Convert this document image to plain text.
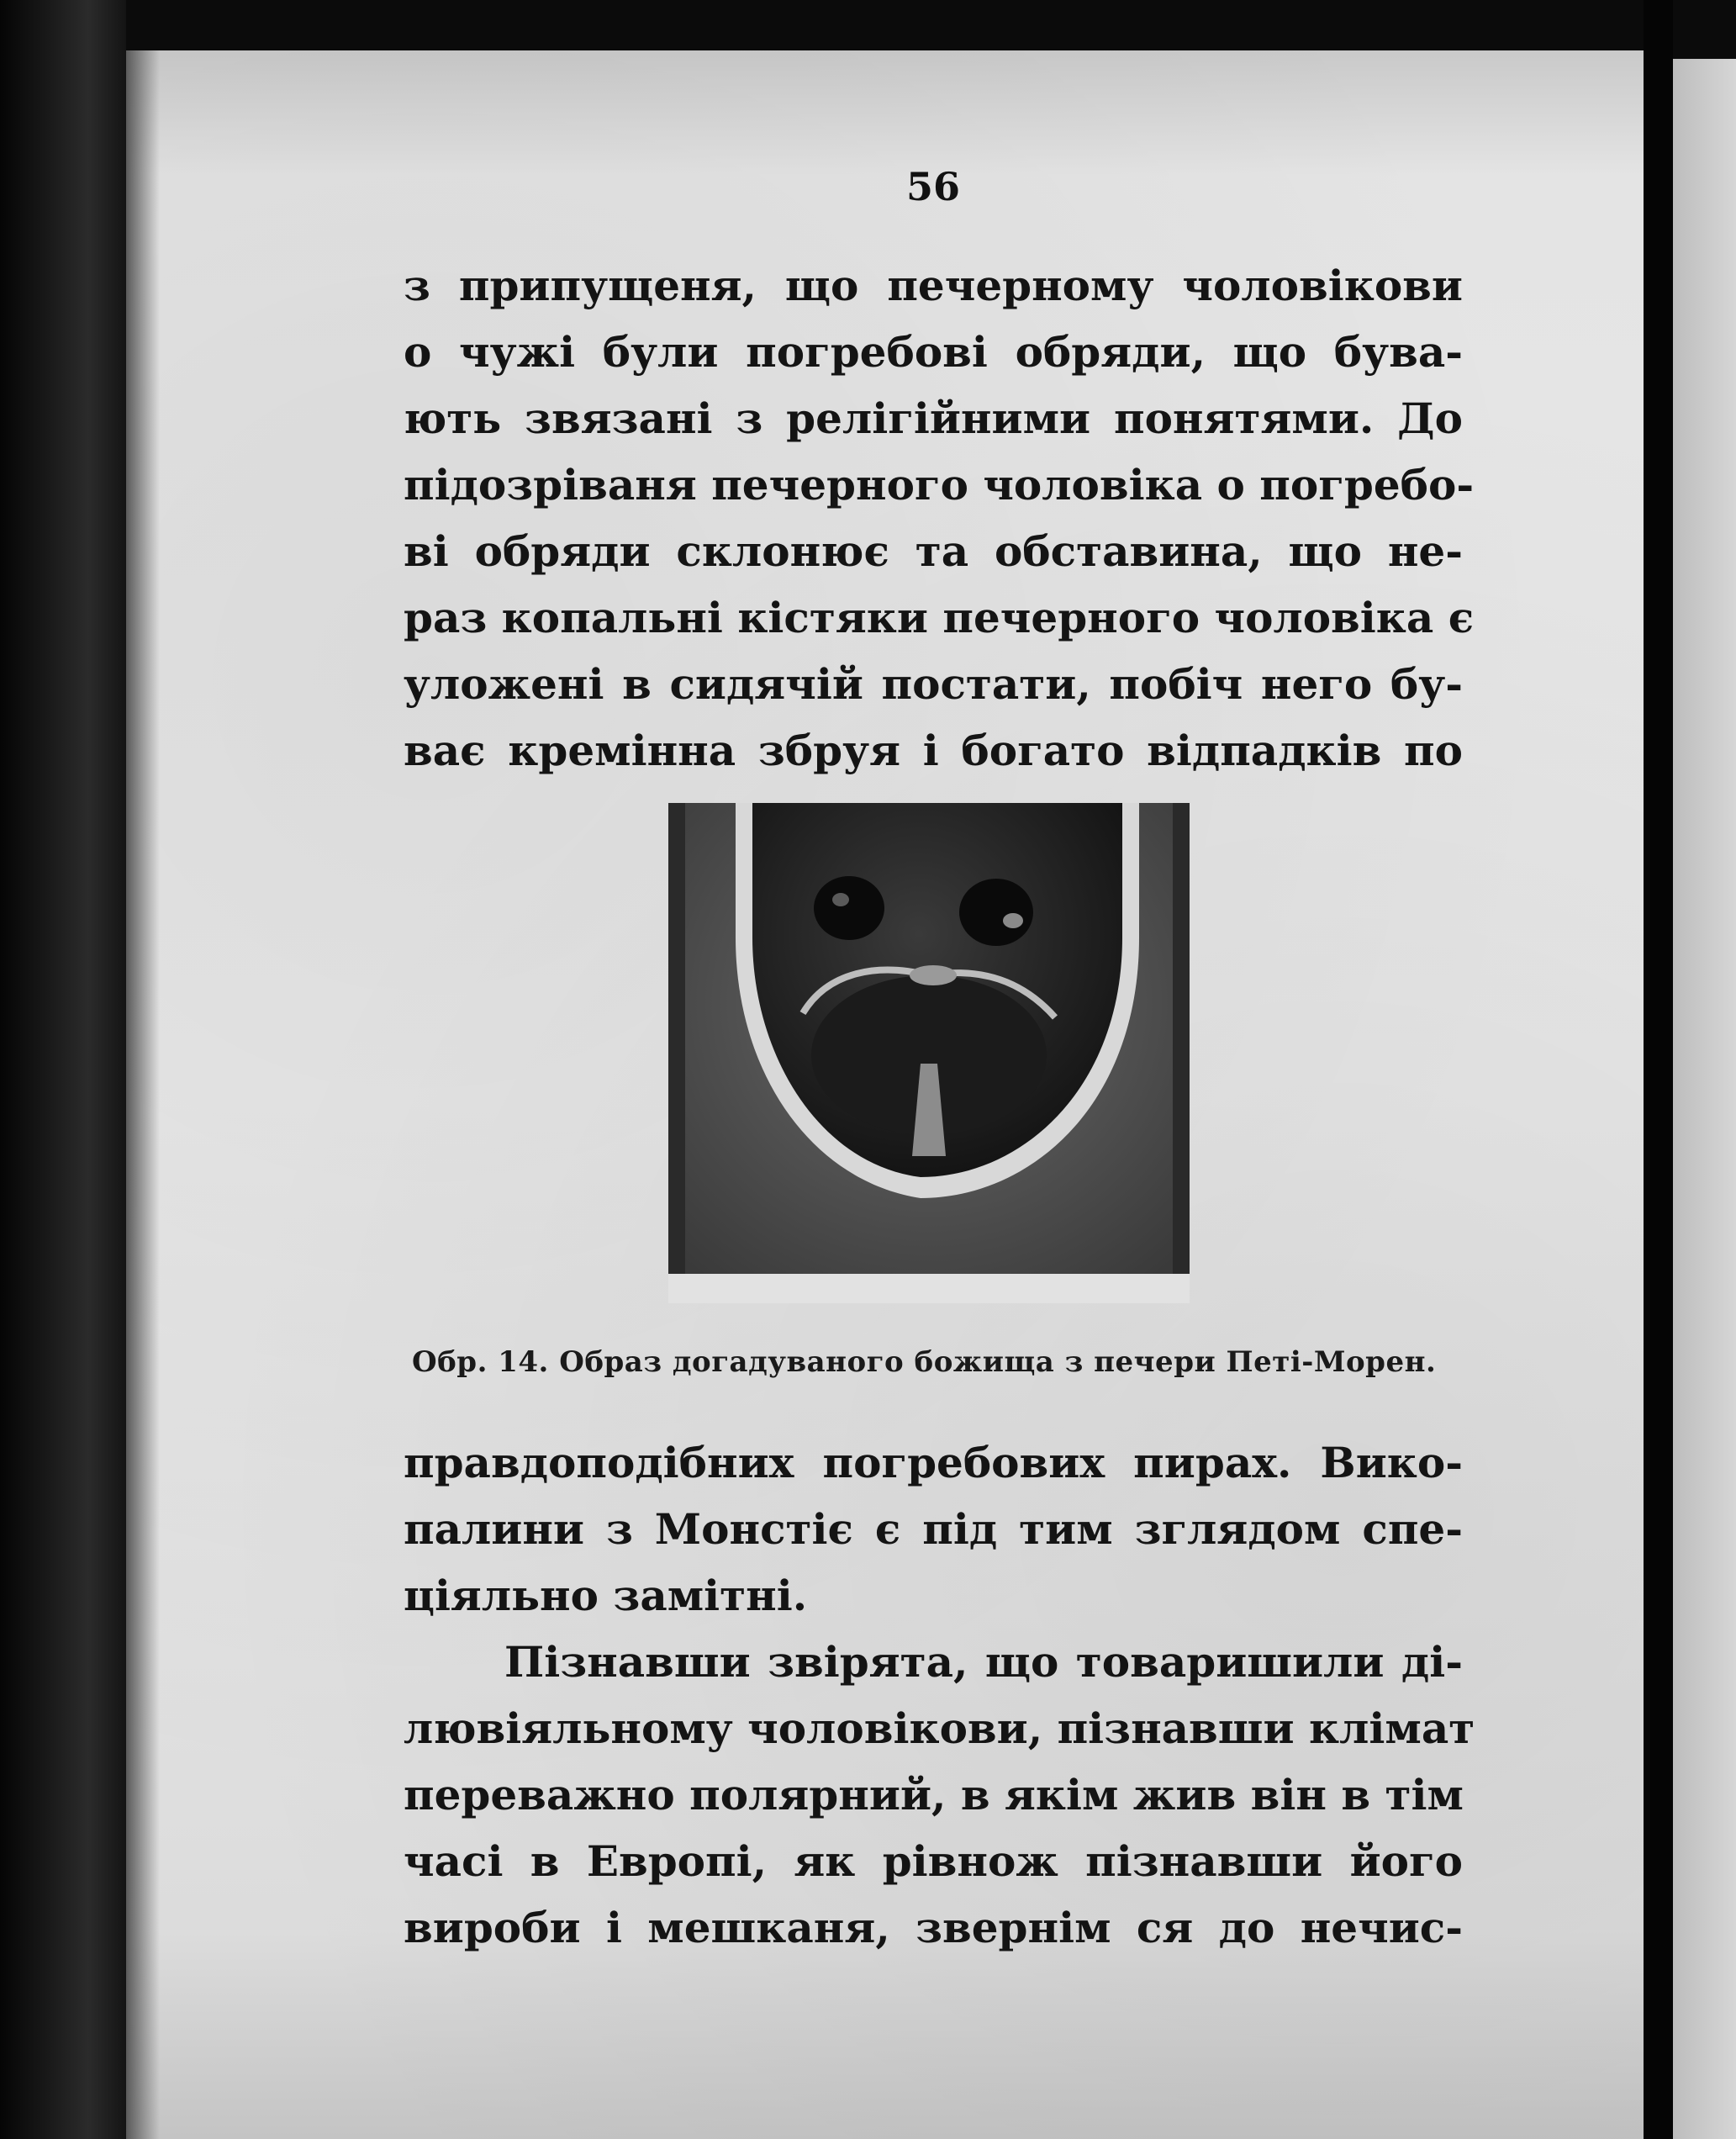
56
з припущеня, що печерному чоловікови
о чужі були погребові обряди, що бува-
ють звязані з релігійними понятями. До
підозріваня печерного чоловіка о погребо-
ві обряди склонює та обставина, що не-
раз копальні кістяки печерного чоловіка є
уложені в сидячій постати, побіч него бу-
ває кремінна збруя і богато відпадків по
Обр. 14. Образ догадуваного божища з печери Петі-Морен.
правдоподібних погребових пирах. Вико-
палини з Монстіє є під тим зглядом спе-
ціяльно замітні.
Пізнавши звірята, що товаришили ді-
лювіяльному чоловікови, пізнавши клімат
переважно полярний, в якім жив він в тім
часі в Европі, як рівнож пізнавши його
вироби і мешканя, звернім ся до нечис-
